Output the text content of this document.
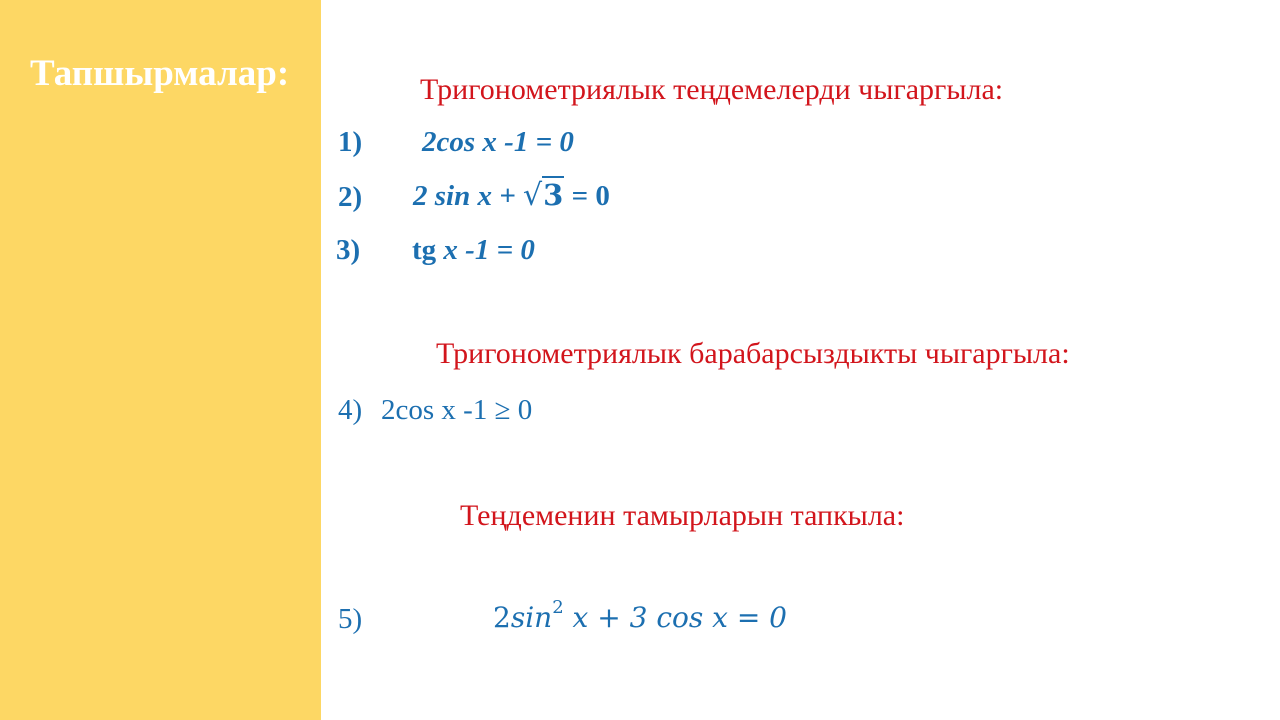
Тапшырмалар:	Тригонометриялык теңдемелерди чыгаргыла:
1) 2cos x -1 = 0
2) 2 sin x + √3 = 0
3) tg x -1 = 0
Тригонометриялык барабарсыздыкты чыгаргыла:
4) 2cos x -1 ≥ 0
Теңдеменин тамырларын тапкыла:
5)	$2\sin^2$ x + 3 cos x = 0
